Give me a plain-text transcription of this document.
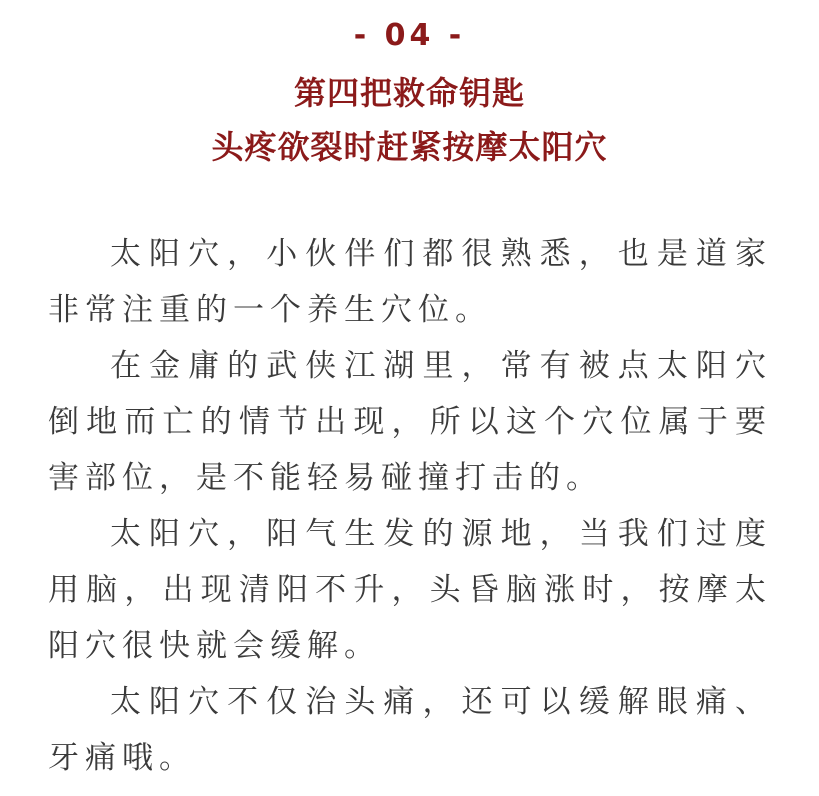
- 04 -
第四把救命钥匙
头疼欲裂时赶紧按摩太阳穴

太阳穴，小伙伴们都很熟悉，也是道家非常注重的一个养生穴位。

在金庸的武侠江湖里，常有被点太阳穴倒地而亡的情节出现，所以这个穴位属于要害部位，是不能轻易碰撞打击的。

太阳穴，阳气生发的源地，当我们过度用脑，出现清阳不升，头昏脑涨时，按摩太阳穴很快就会缓解。

太阳穴不仅治头痛，还可以缓解眼痛、牙痛哦。
